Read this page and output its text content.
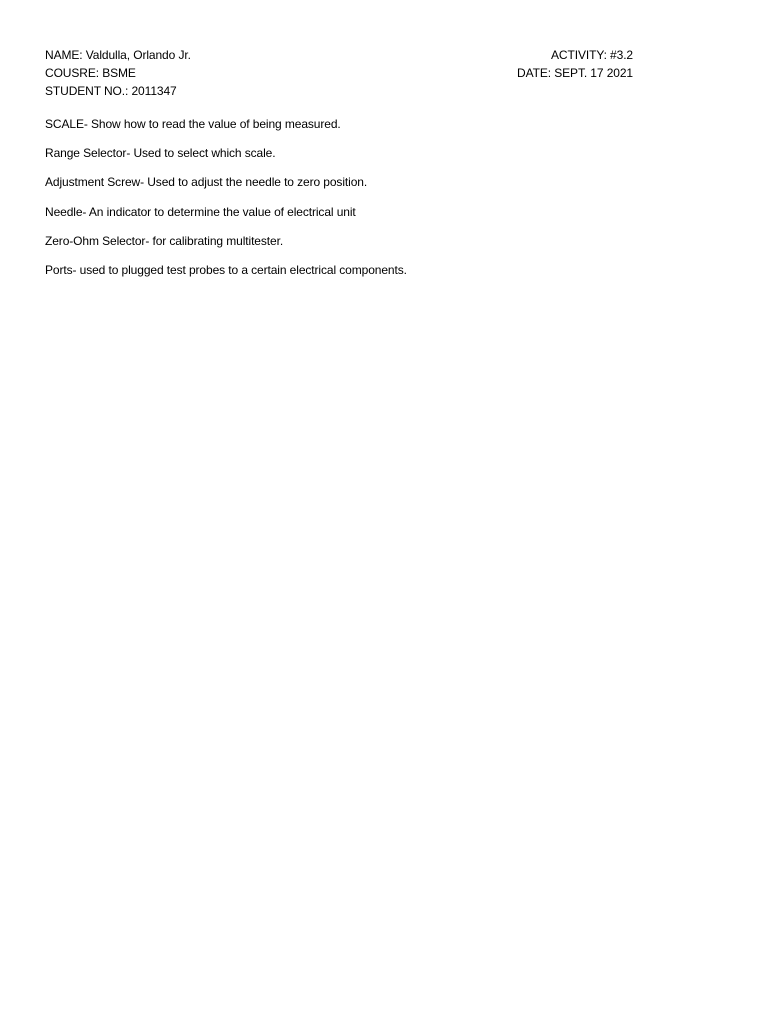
NAME: Valdulla, Orlando Jr.	ACTIVITY: #3.2
COUSRE: BSME	DATE: SEPT. 17 2021
STUDENT NO.: 2011347
SCALE- Show how to read the value of being measured.
Range Selector- Used to select which scale.
Adjustment Screw- Used to adjust the needle to zero position.
Needle- An indicator to determine the value of electrical unit
Zero-Ohm Selector- for calibrating multitester.
Ports- used to plugged test probes to a certain electrical components.
